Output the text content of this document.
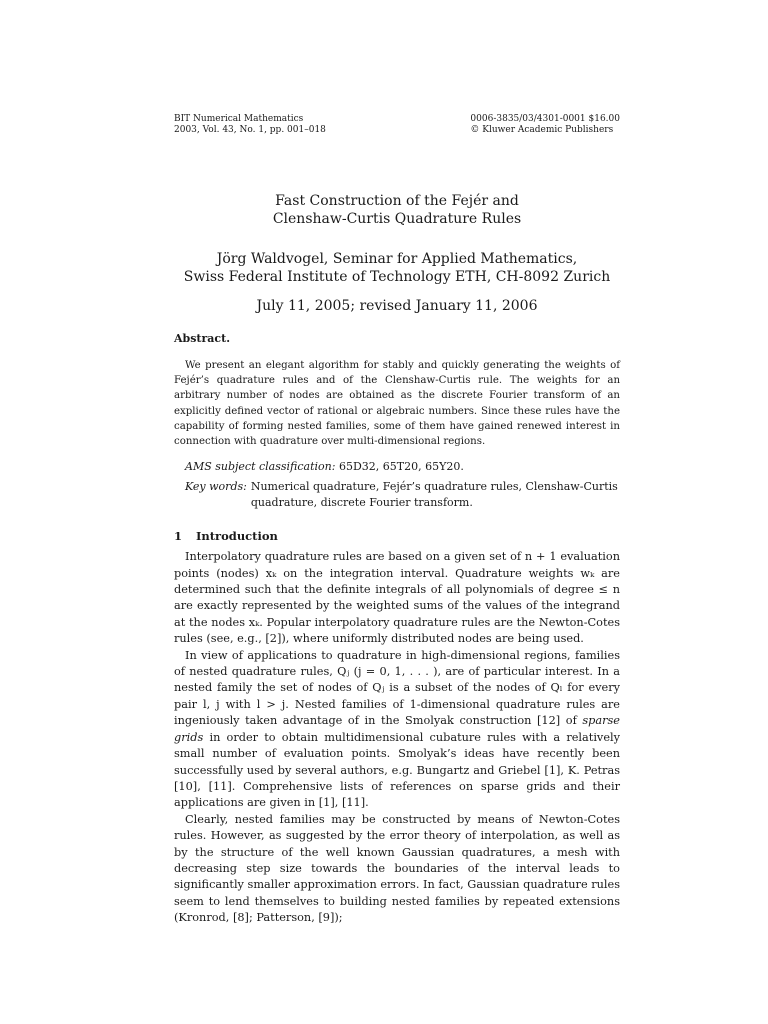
BIT Numerical Mathematics
2003, Vol. 43, No. 1, pp. 001–018
0006-3835/03/4301-0001 $16.00
© Kluwer Academic Publishers
Fast Construction of the Fejér and
Clenshaw-Curtis Quadrature Rules
Jörg Waldvogel, Seminar for Applied Mathematics,
Swiss Federal Institute of Technology ETH, CH-8092 Zurich
July 11, 2005; revised January 11, 2006
Abstract.
We present an elegant algorithm for stably and quickly generating the weights of Fejér’s quadrature rules and of the Clenshaw-Curtis rule. The weights for an arbitrary number of nodes are obtained as the discrete Fourier transform of an explicitly defined vector of rational or algebraic numbers. Since these rules have the capability of forming nested families, some of them have gained renewed interest in connection with quadrature over multi-dimensional regions.
AMS subject classification: 65D32, 65T20, 65Y20.
Key words: Numerical quadrature, Fejér’s quadrature rules, Clenshaw-Curtis quadrature, discrete Fourier transform.
1	Introduction

Interpolatory quadrature rules are based on a given set of n + 1 evaluation points (nodes) xₖ on the integration interval. Quadrature weights wₖ are determined such that the definite integrals of all polynomials of degree ≤ n are exactly represented by the weighted sums of the values of the integrand at the nodes xₖ. Popular interpolatory quadrature rules are the Newton-Cotes rules (see, e.g., [2]), where uniformly distributed nodes are being used.

In view of applications to quadrature in high-dimensional regions, families of nested quadrature rules, Qⱼ (j = 0, 1, . . . ), are of particular interest. In a nested family the set of nodes of Qⱼ is a subset of the nodes of Qₗ for every pair l, j with l > j. Nested families of 1-dimensional quadrature rules are ingeniously taken advantage of in the Smolyak construction [12] of sparse grids in order to obtain multidimensional cubature rules with a relatively small number of evaluation points. Smolyak’s ideas have recently been successfully used by several authors, e.g. Bungartz and Griebel [1], K. Petras [10], [11]. Comprehensive lists of references on sparse grids and their applications are given in [1], [11].

Clearly, nested families may be constructed by means of Newton-Cotes rules. However, as suggested by the error theory of interpolation, as well as by the structure of the well known Gaussian quadratures, a mesh with decreasing step size towards the boundaries of the interval leads to significantly smaller approximation errors. In fact, Gaussian quadrature rules seem to lend themselves to building nested families by repeated extensions (Kronrod, [8]; Patterson, [9]);
